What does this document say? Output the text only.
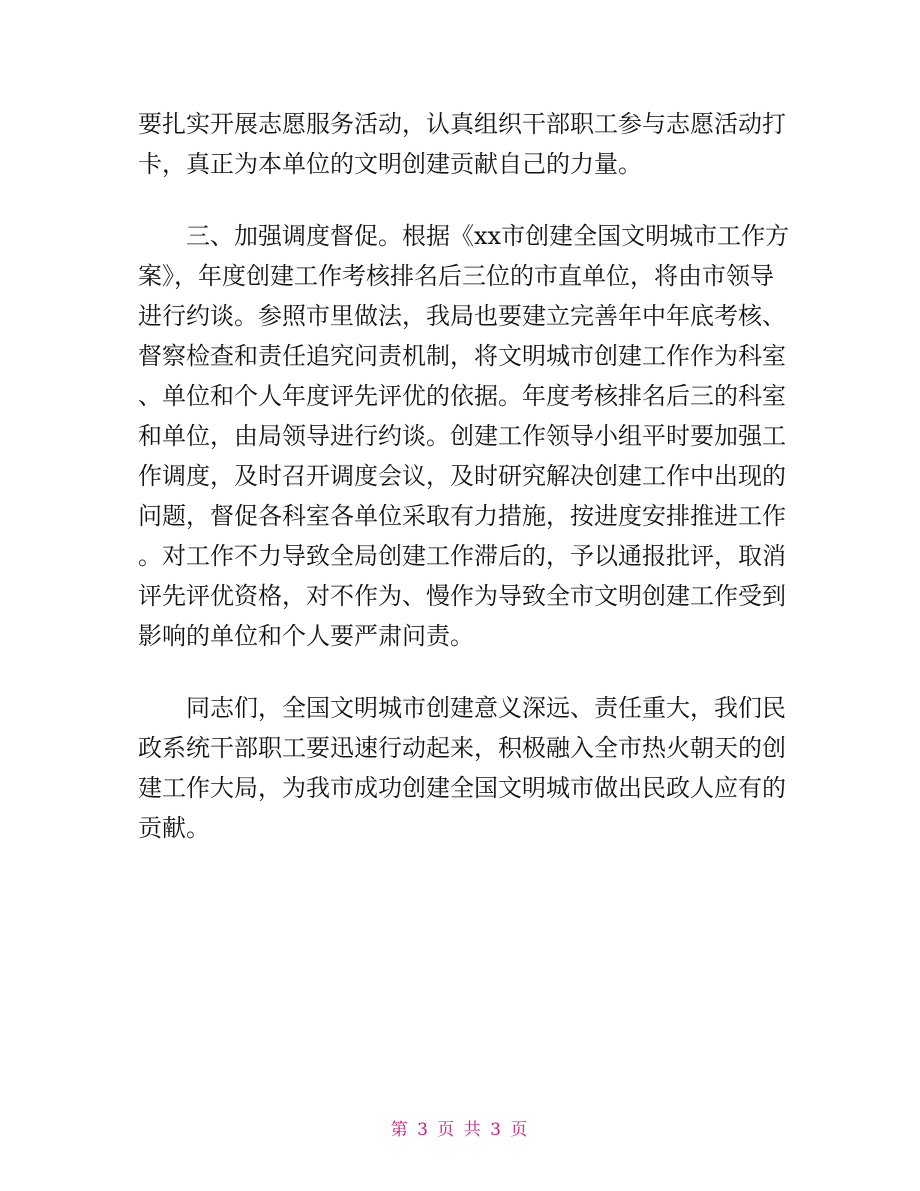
要扎实开展志愿服务活动，认真组织干部职工参与志愿活动打
卡，真正为本单位的文明创建贡献自己的力量。
三、加强调度督促。根据《xx市创建全国文明城市工作方
案》，年度创建工作考核排名后三位的市直单位，将由市领导
进行约谈。参照市里做法，我局也要建立完善年中年底考核、
督察检查和责任追究问责机制，将文明城市创建工作作为科室
、单位和个人年度评先评优的依据。年度考核排名后三的科室
和单位，由局领导进行约谈。创建工作领导小组平时要加强工
作调度，及时召开调度会议，及时研究解决创建工作中出现的
问题，督促各科室各单位采取有力措施，按进度安排推进工作
。对工作不力导致全局创建工作滞后的，予以通报批评，取消
评先评优资格，对不作为、慢作为导致全市文明创建工作受到
影响的单位和个人要严肃问责。
同志们，全国文明城市创建意义深远、责任重大，我们民
政系统干部职工要迅速行动起来，积极融入全市热火朝天的创
建工作大局，为我市成功创建全国文明城市做出民政人应有的
贡献。
第 3 页 共 3 页
